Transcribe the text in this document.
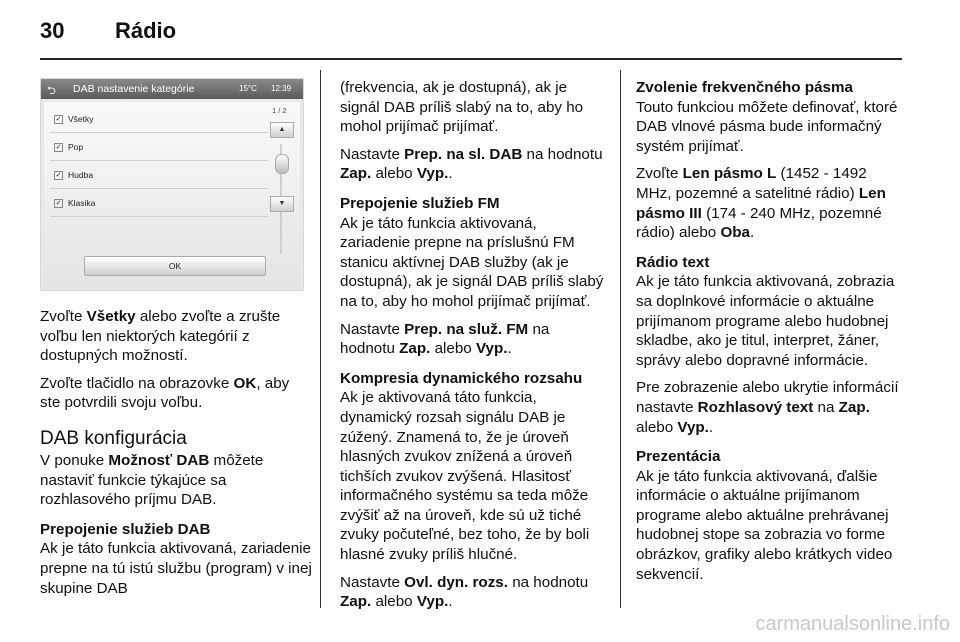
30 Rádio
⮌ DAB nastavenie kategórie	15°C 12:39
1 / 2
✓ Všetky
✓ Pop
✓ Hudba
✓ Klasika
▲
▼
OK

Zvoľte Všetky alebo zvoľte a zrušte voľbu len niektorých kategórií z dostupných možností.

Zvoľte tlačidlo na obrazovke OK, aby ste potvrdili svoju voľbu.

DAB konfigurácia

V ponuke Možnosť DAB môžete nastaviť funkcie týkajúce sa rozhlasového príjmu DAB.

Prepojenie služieb DAB

Ak je táto funkcia aktivovaná, zariadenie prepne na tú istú službu (program) v inej skupine DAB

(frekvencia, ak je dostupná), ak je signál DAB príliš slabý na to, aby ho mohol prijímač prijímať.

Nastavte Prep. na sl. DAB na hodnotu Zap. alebo Vyp..

Prepojenie služieb FM

Ak je táto funkcia aktivovaná, zariadenie prepne na príslušnú FM stanicu aktívnej DAB služby (ak je dostupná), ak je signál DAB príliš slabý na to, aby ho mohol prijímač prijímať.

Nastavte Prep. na služ. FM na hodnotu Zap. alebo Vyp..

Kompresia dynamického rozsahu

Ak je aktivovaná táto funkcia, dynamický rozsah signálu DAB je zúžený. Znamená to, že je úroveň hlasných zvukov znížená a úroveň tichších zvukov zvýšená. Hlasitosť informačného systému sa teda môže zvýšiť až na úroveň, kde sú už tiché zvuky počuteľné, bez toho, že by boli hlasné zvuky príliš hlučné.

Nastavte Ovl. dyn. rozs. na hodnotu Zap. alebo Vyp..

Zvolenie frekvenčného pásma

Touto funkciou môžete definovať, ktoré DAB vlnové pásma bude informačný systém prijímať.

Zvoľte Len pásmo L (1452 - 1492 MHz, pozemné a satelitné rádio) Len pásmo III (174 - 240 MHz, pozemné rádio) alebo Oba.

Rádio text

Ak je táto funkcia aktivovaná, zobrazia sa doplnkové informácie o aktuálne prijímanom programe alebo hudobnej skladbe, ako je titul, interpret, žáner, správy alebo dopravné informácie.

Pre zobrazenie alebo ukrytie informácií nastavte Rozhlasový text na Zap. alebo Vyp..

Prezentácia

Ak je táto funkcia aktivovaná, ďalšie informácie o aktuálne prijímanom programe alebo aktuálne prehrávanej hudobnej stope sa zobrazia vo forme obrázkov, grafiky alebo krátkych video sekvencií.

carmanualsonline.info
